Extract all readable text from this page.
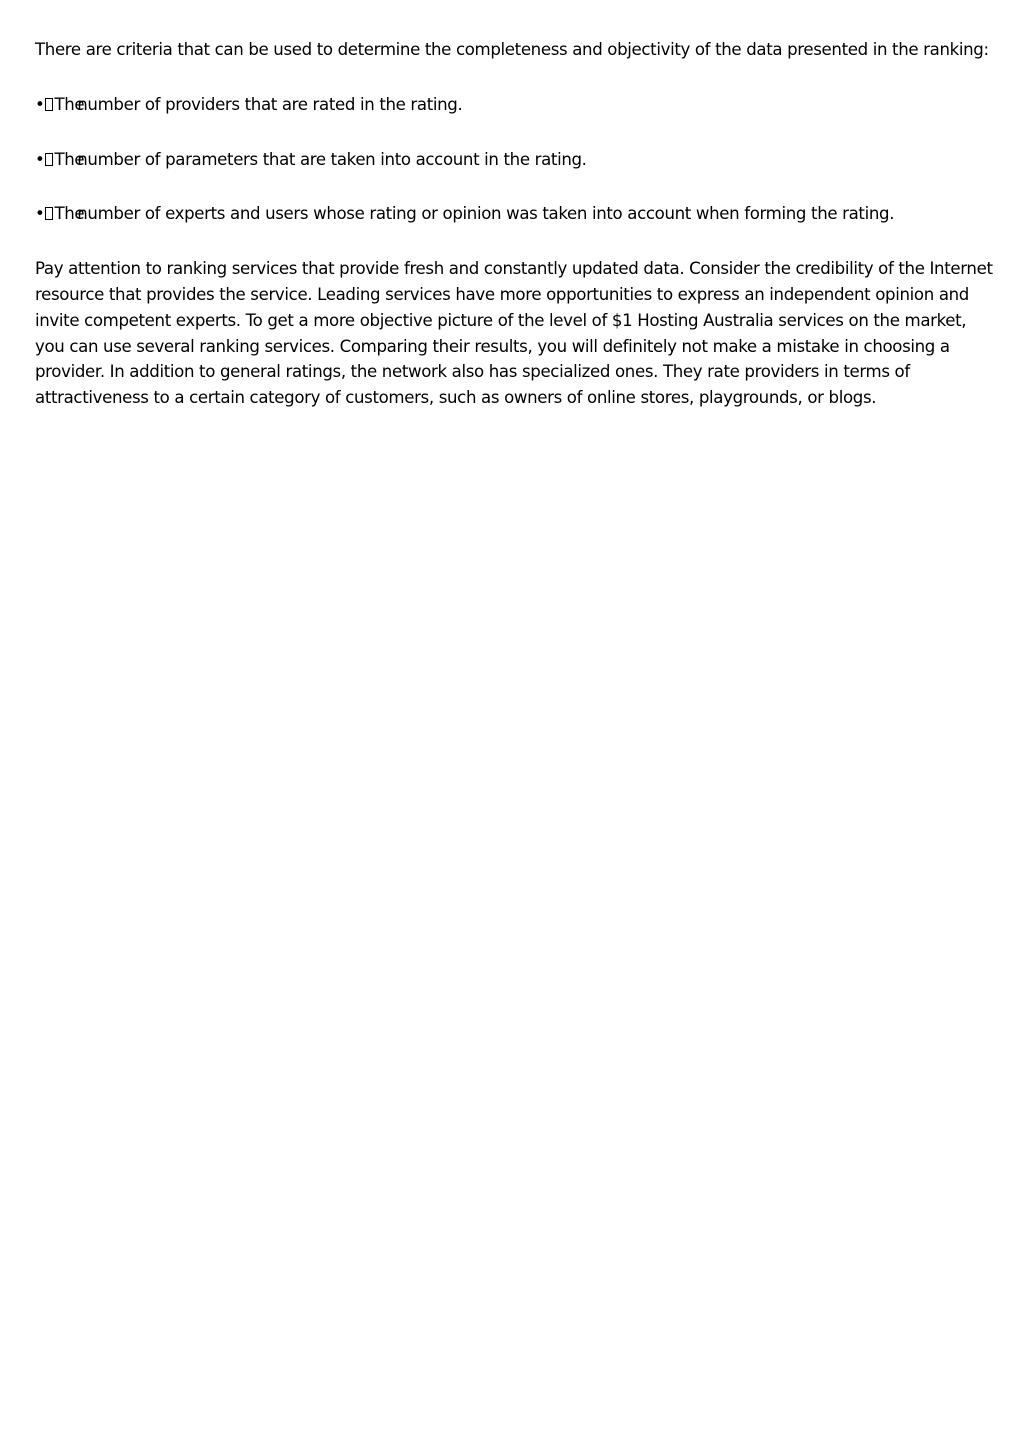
There are criteria that can be used to determine the completeness and objectivity of the data presented in the ranking:

• Thenumber of providers that are rated in the rating.

• Thenumber of parameters that are taken into account in the rating.

• Thenumber of experts and users whose rating or opinion was taken into account when forming the rating.

Pay attention to ranking services that provide fresh and constantly updated data. Consider the credibility of the Internet resource that provides the service. Leading services have more opportunities to express an independent opinion and invite competent experts. To get a more objective picture of the level of $1 Hosting Australia services on the market, you can use several ranking services. Comparing their results, you will definitely not make a mistake in choosing a provider. In addition to general ratings, the network also has specialized ones. They rate providers in terms of attractiveness to a certain category of customers, such as owners of online stores, playgrounds, or blogs.
